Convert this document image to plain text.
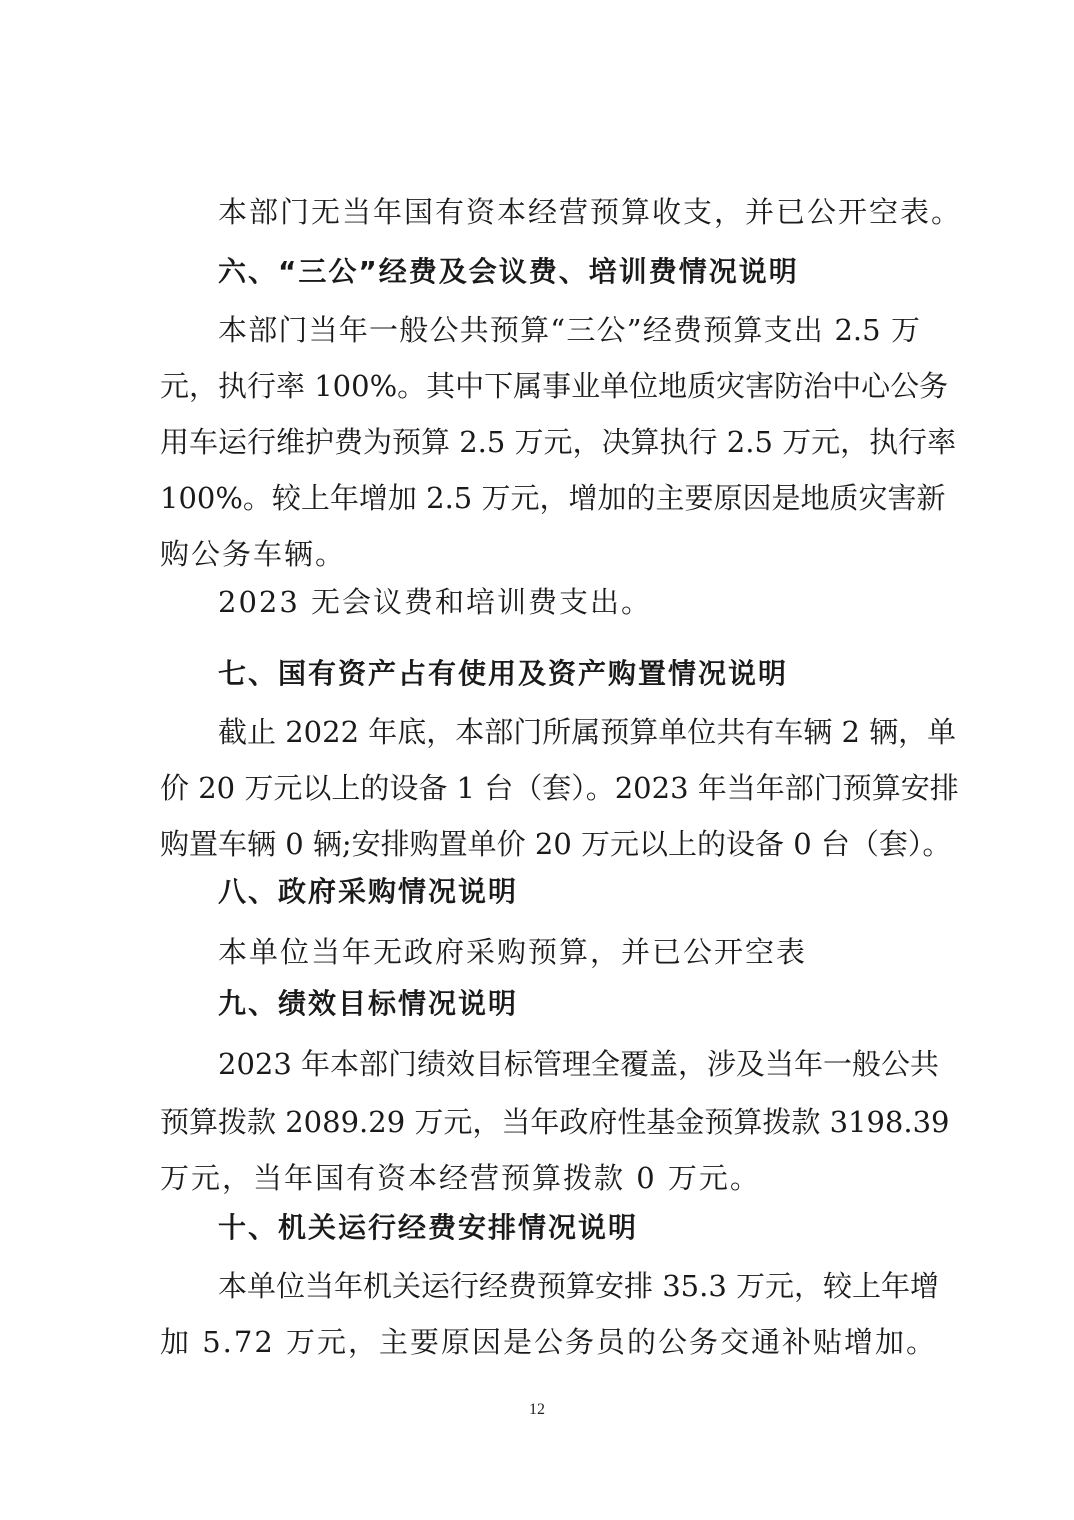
本部门无当年国有资本经营预算收支，并已公开空表。
六、“三公”经费及会议费、培训费情况说明
本部门当年一般公共预算“三公”经费预算支出 2.5 万
元，执行率 100%。其中下属事业单位地质灾害防治中心公务
用车运行维护费为预算 2.5 万元，决算执行 2.5 万元，执行率
100%。较上年增加 2.5 万元，增加的主要原因是地质灾害新
购公务车辆。
2023 无会议费和培训费支出。
七、国有资产占有使用及资产购置情况说明
截止 2022 年底，本部门所属预算单位共有车辆 2 辆，单
价 20 万元以上的设备 1 台（套）。2023 年当年部门预算安排
购置车辆 0 辆;安排购置单价 20 万元以上的设备 0 台（套）。
八、政府采购情况说明
本单位当年无政府采购预算，并已公开空表
九、绩效目标情况说明
2023 年本部门绩效目标管理全覆盖，涉及当年一般公共
预算拨款 2089.29 万元，当年政府性基金预算拨款 3198.39
万元，当年国有资本经营预算拨款 0 万元。
十、机关运行经费安排情况说明
本单位当年机关运行经费预算安排 35.3 万元，较上年增
加 5.72 万元，主要原因是公务员的公务交通补贴增加。
12
